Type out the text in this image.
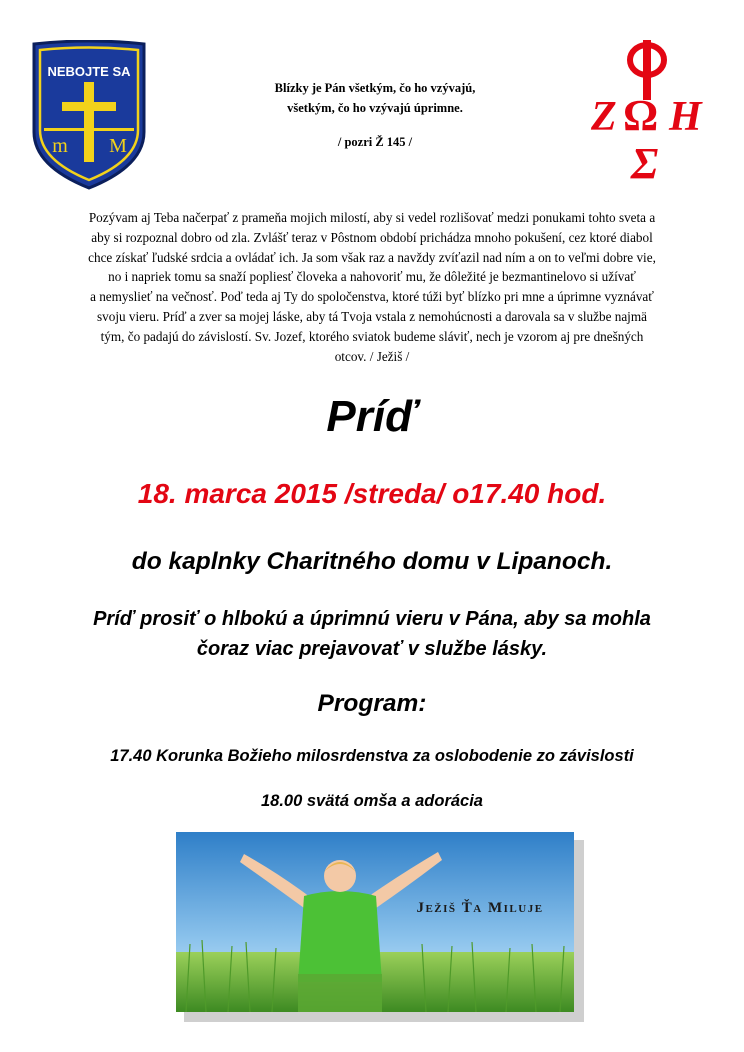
NEBOJTE SA
m M
Z Ω H
Σ
Blízky je Pán všetkým, čo ho vzývajú,
všetkým, čo ho vzývajú úprimne.
/ pozri Ž 145 /
Pozývam aj Teba načerpať z prameňa mojich milostí, aby si vedel rozlišovať medzi ponukami tohto sveta a
aby si rozpoznal dobro od zla. Zvlášť teraz v Pôstnom období prichádza mnoho pokušení, cez ktoré diabol
chce získať ľudské srdcia a ovládať ich. Ja som však raz a navždy zvíťazil nad ním a on to veľmi dobre vie,
no i napriek tomu sa snaží popliesť človeka a nahovoriť mu, že dôležité je bezmantinelovo si užívať
a nemyslieť na večnosť. Poď teda aj Ty do spoločenstva, ktoré túži byť blízko pri mne a úprimne vyznávať
svoju vieru. Príď a zver sa mojej láske, aby tá Tvoja vstala z nemohúcnosti a darovala sa v službe najmä
tým, čo padajú do závislostí. Sv. Jozef, ktorého sviatok budeme sláviť, nech je vzorom aj pre dnešných
otcov. / Ježiš /
Príď
18. marca 2015 /streda/ o17.40 hod.
do kaplnky Charitného domu v Lipanoch.
Príď prosiť o hlbokú a úprimnú vieru v Pána, aby sa mohla
čoraz viac prejavovať v službe lásky.
Program:
17.40 Korunka Božieho milosrdenstva za oslobodenie zo závislosti
18.00 svätá omša a adorácia
Ježiš Ťa Miluje
